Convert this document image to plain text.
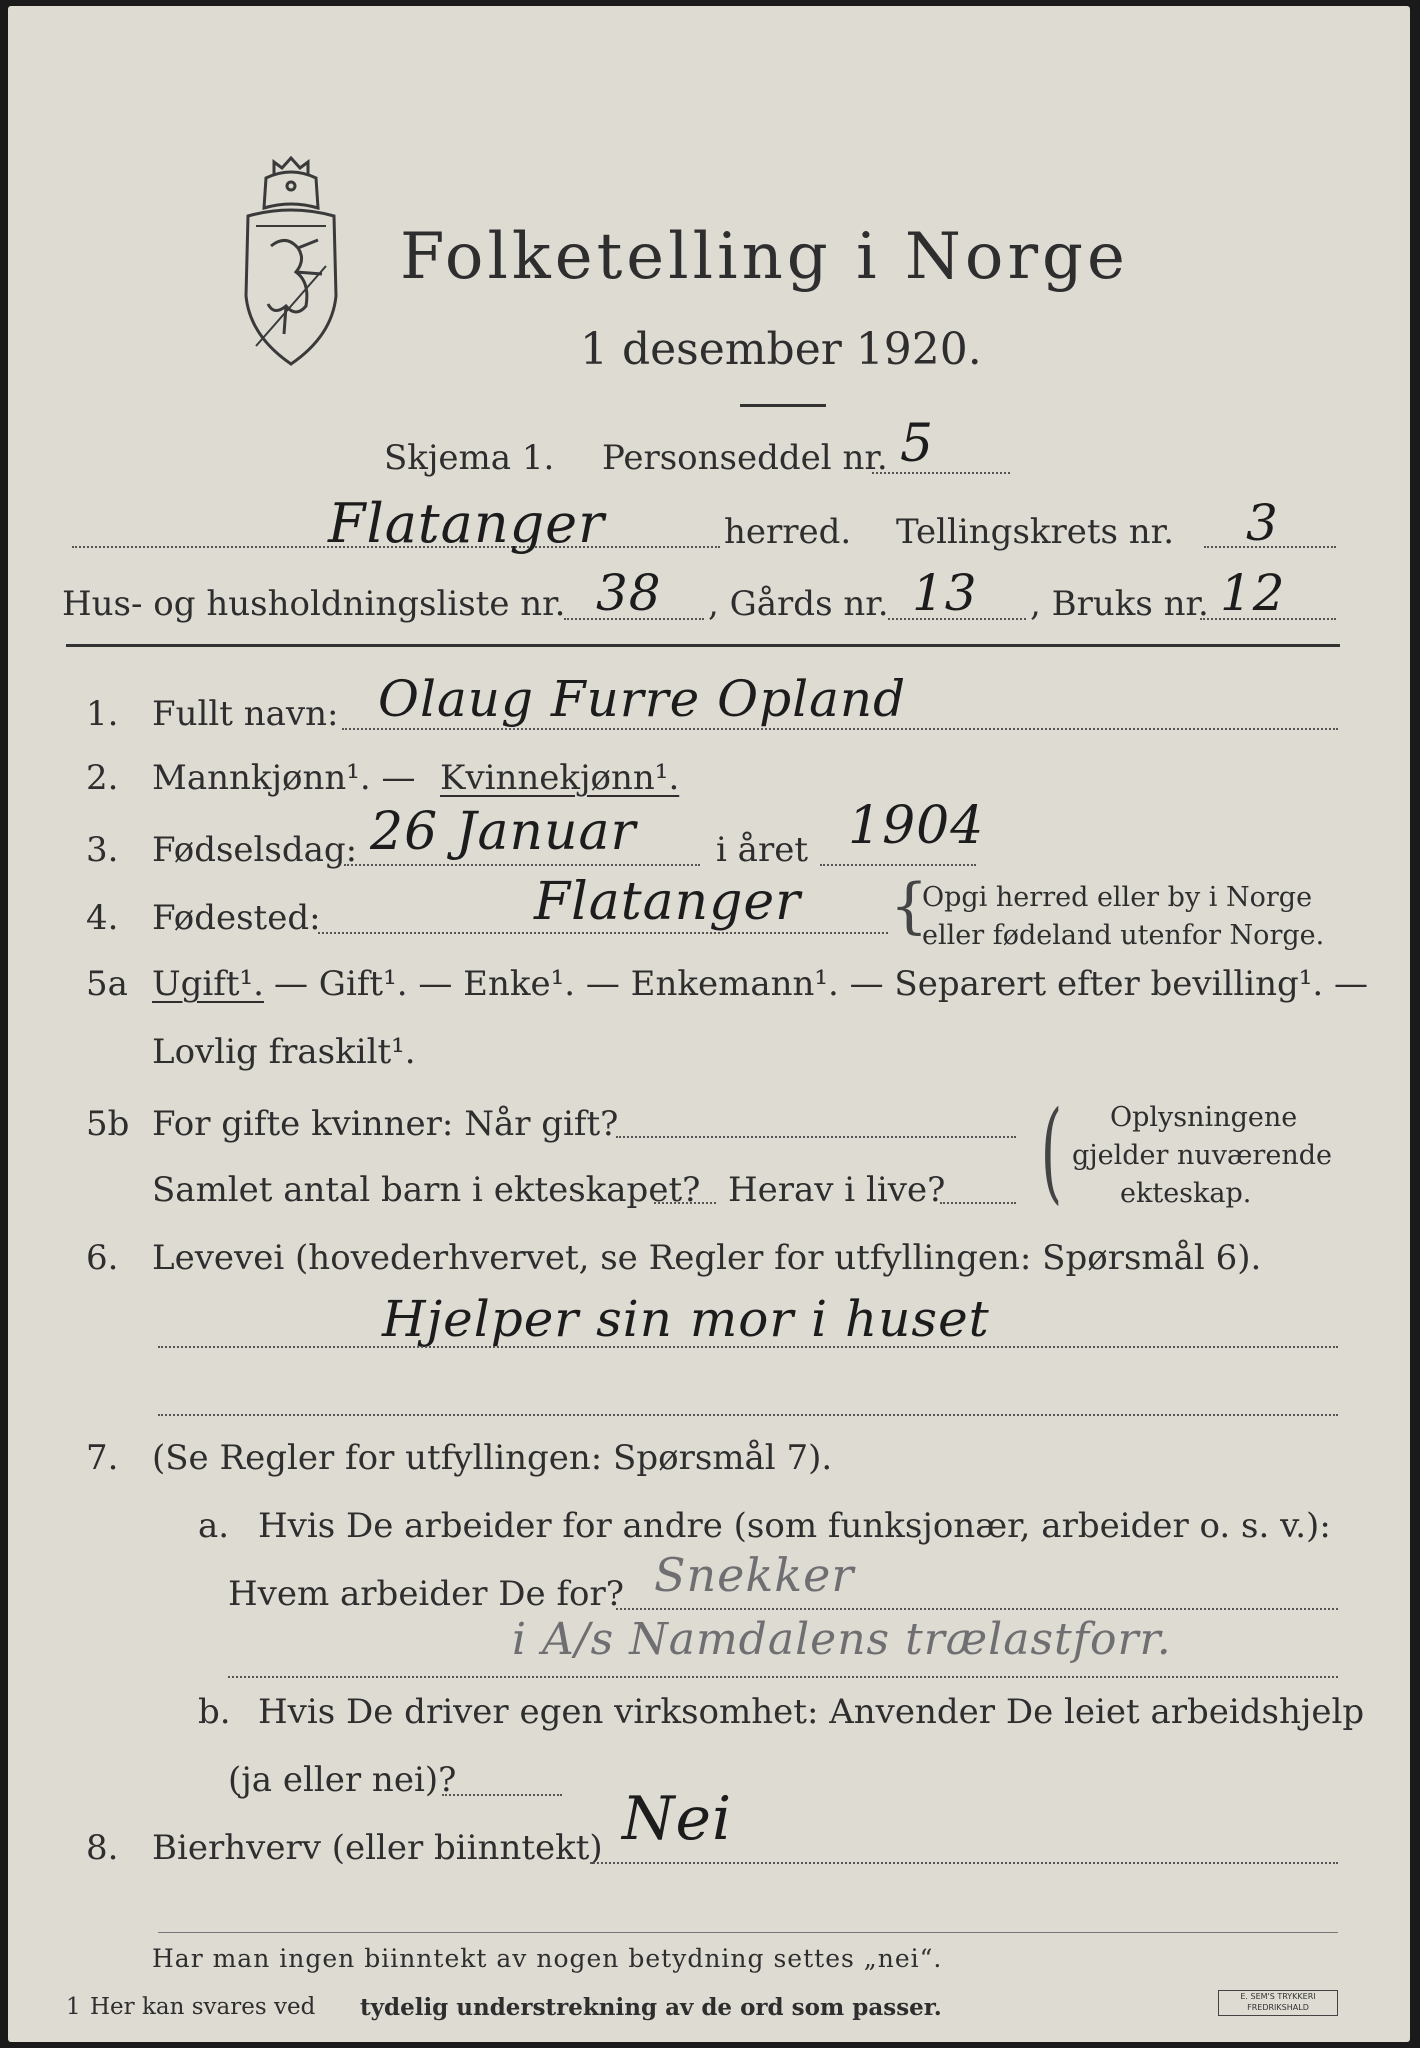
Folketelling i Norge
1 desember 1920.
Skjema 1. Personseddel nr. 5
Flatanger	herred. Tellingskrets nr. 3
Hus- og husholdningsliste nr. 38 , Gårds nr. 13 , Bruks nr. 12
1. Fullt navn: Olaug Furre Opland
2. Mannkjønn¹. — Kvinnekjønn¹.
3. Fødselsdag: 26 Januar i året 1904
4. Fødested:	Flatanger {
Opgi herred eller by i Norge
eller fødeland utenfor Norge.
5a Ugift¹. — Gift¹. — Enke¹. — Enkemann¹. — Separert efter bevilling¹. —
Lovlig fraskilt¹.
5b For gifte kvinner: Når gift?
Samlet antal barn i ekteskapet? Herav i live? ( Oplysningene
gjelder nuværende
ekteskap.
6. Levevei (hovederhvervet, se Regler for utfyllingen: Spørsmål 6).
Hjelper sin mor i huset
7. (Se Regler for utfyllingen: Spørsmål 7).
a. Hvis De arbeider for andre (som funksjonær, arbeider o. s. v.):
Hvem arbeider De for? Snekker
i A/s Namdalens trælastforr.
b. Hvis De driver egen virksomhet: Anvender De leiet arbeidshjelp
(ja eller nei)?
8. Bierhverv (eller biinntekt) Nei
Har man ingen biinntekt av nogen betydning settes „nei“.
1 Her kan svares ved tydelig understrekning av de ord som passer.	E. SEM'S TRYKKERI
FREDRIKSHALD
